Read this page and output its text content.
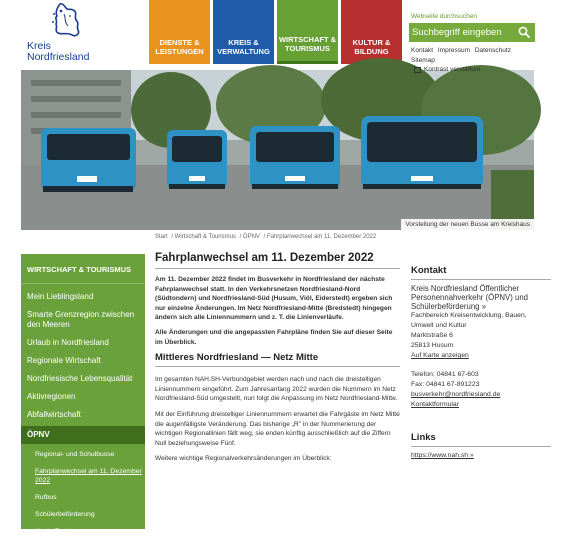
Kreis
Nordfriesland
DIENSTE &
LEISTUNGEN
KREIS &
VERWALTUNG
WIRTSCHAFT &
TOURISMUS
KULTUR &
BILDUNG
Webseite durchsuchen
Suchbegriff eingeben
Kontakt Impressum Datenschutz
Sitemap
Kontrast verstärken
Vorstellung der neuen Busse am Kreishaus
Start / Wirtschaft & Tourismus / ÖPNV / Fahrplanwechsel am 11. Dezember 2022
WIRTSCHAFT & TOURISMUS
Mein Lieblingsland
Smarte Grenzregion zwischen den Meeren
Urlaub in Nordfriesland
Regionale Wirtschaft
Nordfriesische Lebensqualität
Aktivregionen
Abfallwirtschaft
ÖPNV
Regional- und Schulbusse
Fahrplanwechsel am 11. Dezember 2022
Rufbus
Schülerbeförderung
Nacht-Taxi
Fahrplanwechsel am 11. Dezember 2022
Am 11. Dezember 2022 findet im Busverkehr in Nordfriesland der nächste Fahrplanwechsel statt. In den Verkehrsnetzen Nordfriesland-Nord (Südtondern) und Nordfriesland-Süd (Husum, Viöl, Eiderstedt) ergeben sich nur einzelne Änderungen. Im Netz Nordfriesland-Mitte (Bredstedt) hingegen ändern sich alle Liniennummern und z. T. die Linienverläufe.
Alle Änderungen und die angepassten Fahrpläne finden Sie auf dieser Seite im Überblick.
Mittleres Nordfriesland — Netz Mitte
Im gesamten NAH.SH-Verbundgebiet werden nach und nach die dreistelligen Liniennummern eingeführt. Zum Jahresanfang 2022 wurden die Nummern im Netz Nordfriesland-Süd umgestellt, nun folgt die Anpassung im Netz Nordfriesland-Mitte.
Mit der Einführung dreistelliger Liniennummern erwartet die Fahrgäste im Netz Mitte die augenfälligste Veränderung. Das bisherige „R" in der Nummerierung der wichtigen Regionallinien fällt weg, sie enden künftig ausschließlich auf die Ziffern Null beziehungsweise Fünf.
Weitere wichtige Regionalverkehrsänderungen im Überblick:
Kontakt
Kreis Nordfriesland Öffentlicher Personennahverkehr (ÖPNV) und Schülerbeförderung »
Fachbereich Kreisentwicklung, Bauen, Umwelt und Kultur
Marktstraße 6
25813 Husum
Auf Karte anzeigen
Telefon: 04841 67-603
Fax: 04841 67-891223
busverkehr@nordfriesland.de
Kontaktformular
Links
https://www.nah.sh »
